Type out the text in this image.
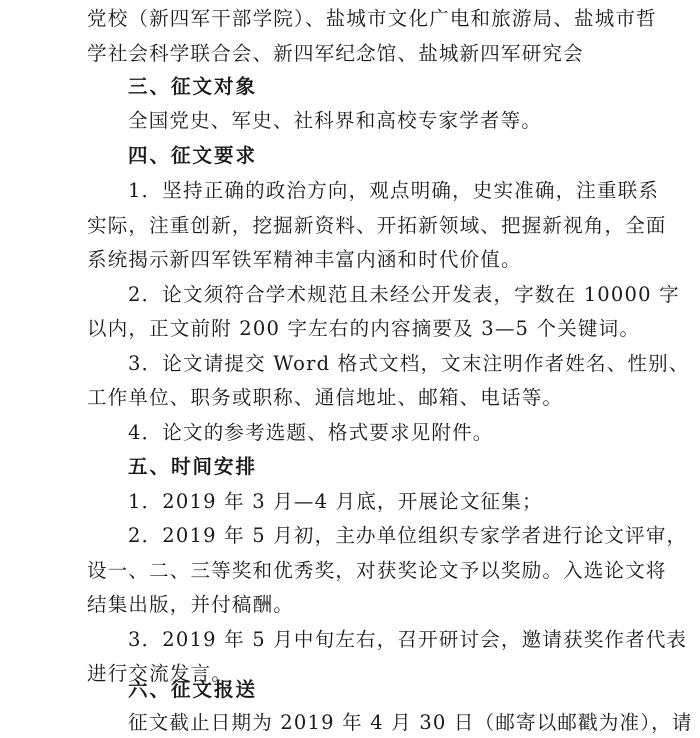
党校（新四军干部学院）、盐城市文化广电和旅游局、盐城市哲
学社会科学联合会、新四军纪念馆、盐城新四军研究会
三、征文对象
全国党史、军史、社科界和高校专家学者等。
四、征文要求
1．坚持正确的政治方向，观点明确，史实准确，注重联系
实际，注重创新，挖掘新资料、开拓新领域、把握新视角，全面
系统揭示新四军铁军精神丰富内涵和时代价值。
2．论文须符合学术规范且未经公开发表，字数在 10000 字
以内，正文前附 200 字左右的内容摘要及 3—5 个关键词。
3．论文请提交 Word 格式文档，文末注明作者姓名、性别、
工作单位、职务或职称、通信地址、邮箱、电话等。
4．论文的参考选题、格式要求见附件。
五、时间安排
1．2019 年 3 月—4 月底，开展论文征集；
2．2019 年 5 月初，主办单位组织专家学者进行论文评审，
设一、二、三等奖和优秀奖，对获奖论文予以奖励。入选论文将
结集出版，并付稿酬。
3．2019 年 5 月中旬左右，召开研讨会，邀请获奖作者代表
进行交流发言。
六、征文报送
征文截止日期为 2019 年 4 月 30 日（邮寄以邮戳为准），请
